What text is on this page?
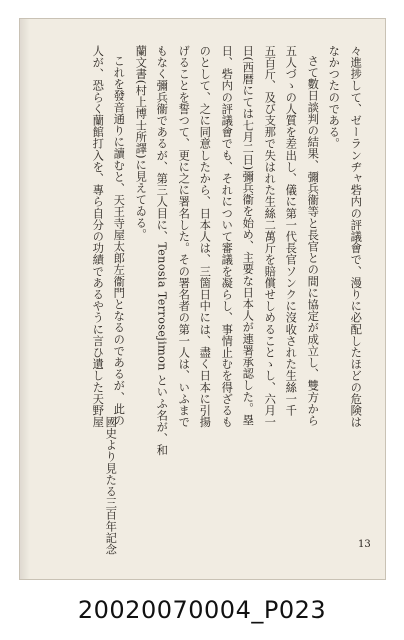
々進捗して、ゼーランヂャ砦内の評議會で、漫りに必配したほどの危険は
なかつたのである。
さて數日談判の結果、彌兵衞等と長官との間に協定が成立し、雙方から
五人づゝの人質を差出し、儀に第一代長官ソンクに沒收された生絲一千
五百斤、及び支那で失はれた生絲二萬斤を賠償せしめることゝし、六月一
日(西暦にては七月二日)彌兵衞を始め、主要な日本人が連署承認した。塁
日、砦内の評議會でも、それについて審議を凝らし、事情止むを得ざるも
のとして、之に同意したから、日本人は、三箇日中には、盡く日本に引揚
げることを誓つて、更に之に署名した。その署名者の第一人は、いふまで
もなく彌兵衞であるが、第三人目に、Tenosia Terrosejimon といふ名が、和
蘭文書(村上博士所譯)に見えてゐる。
これを發音通りに讀むと、天王寺屋太郎左衞門となるのであるが、此の
人が、恐らく蘭館打入を、專ら自分の功績であるやうに言ひ遺した天野屋
國史より見たる三百年記念	13
20020070004_P023
